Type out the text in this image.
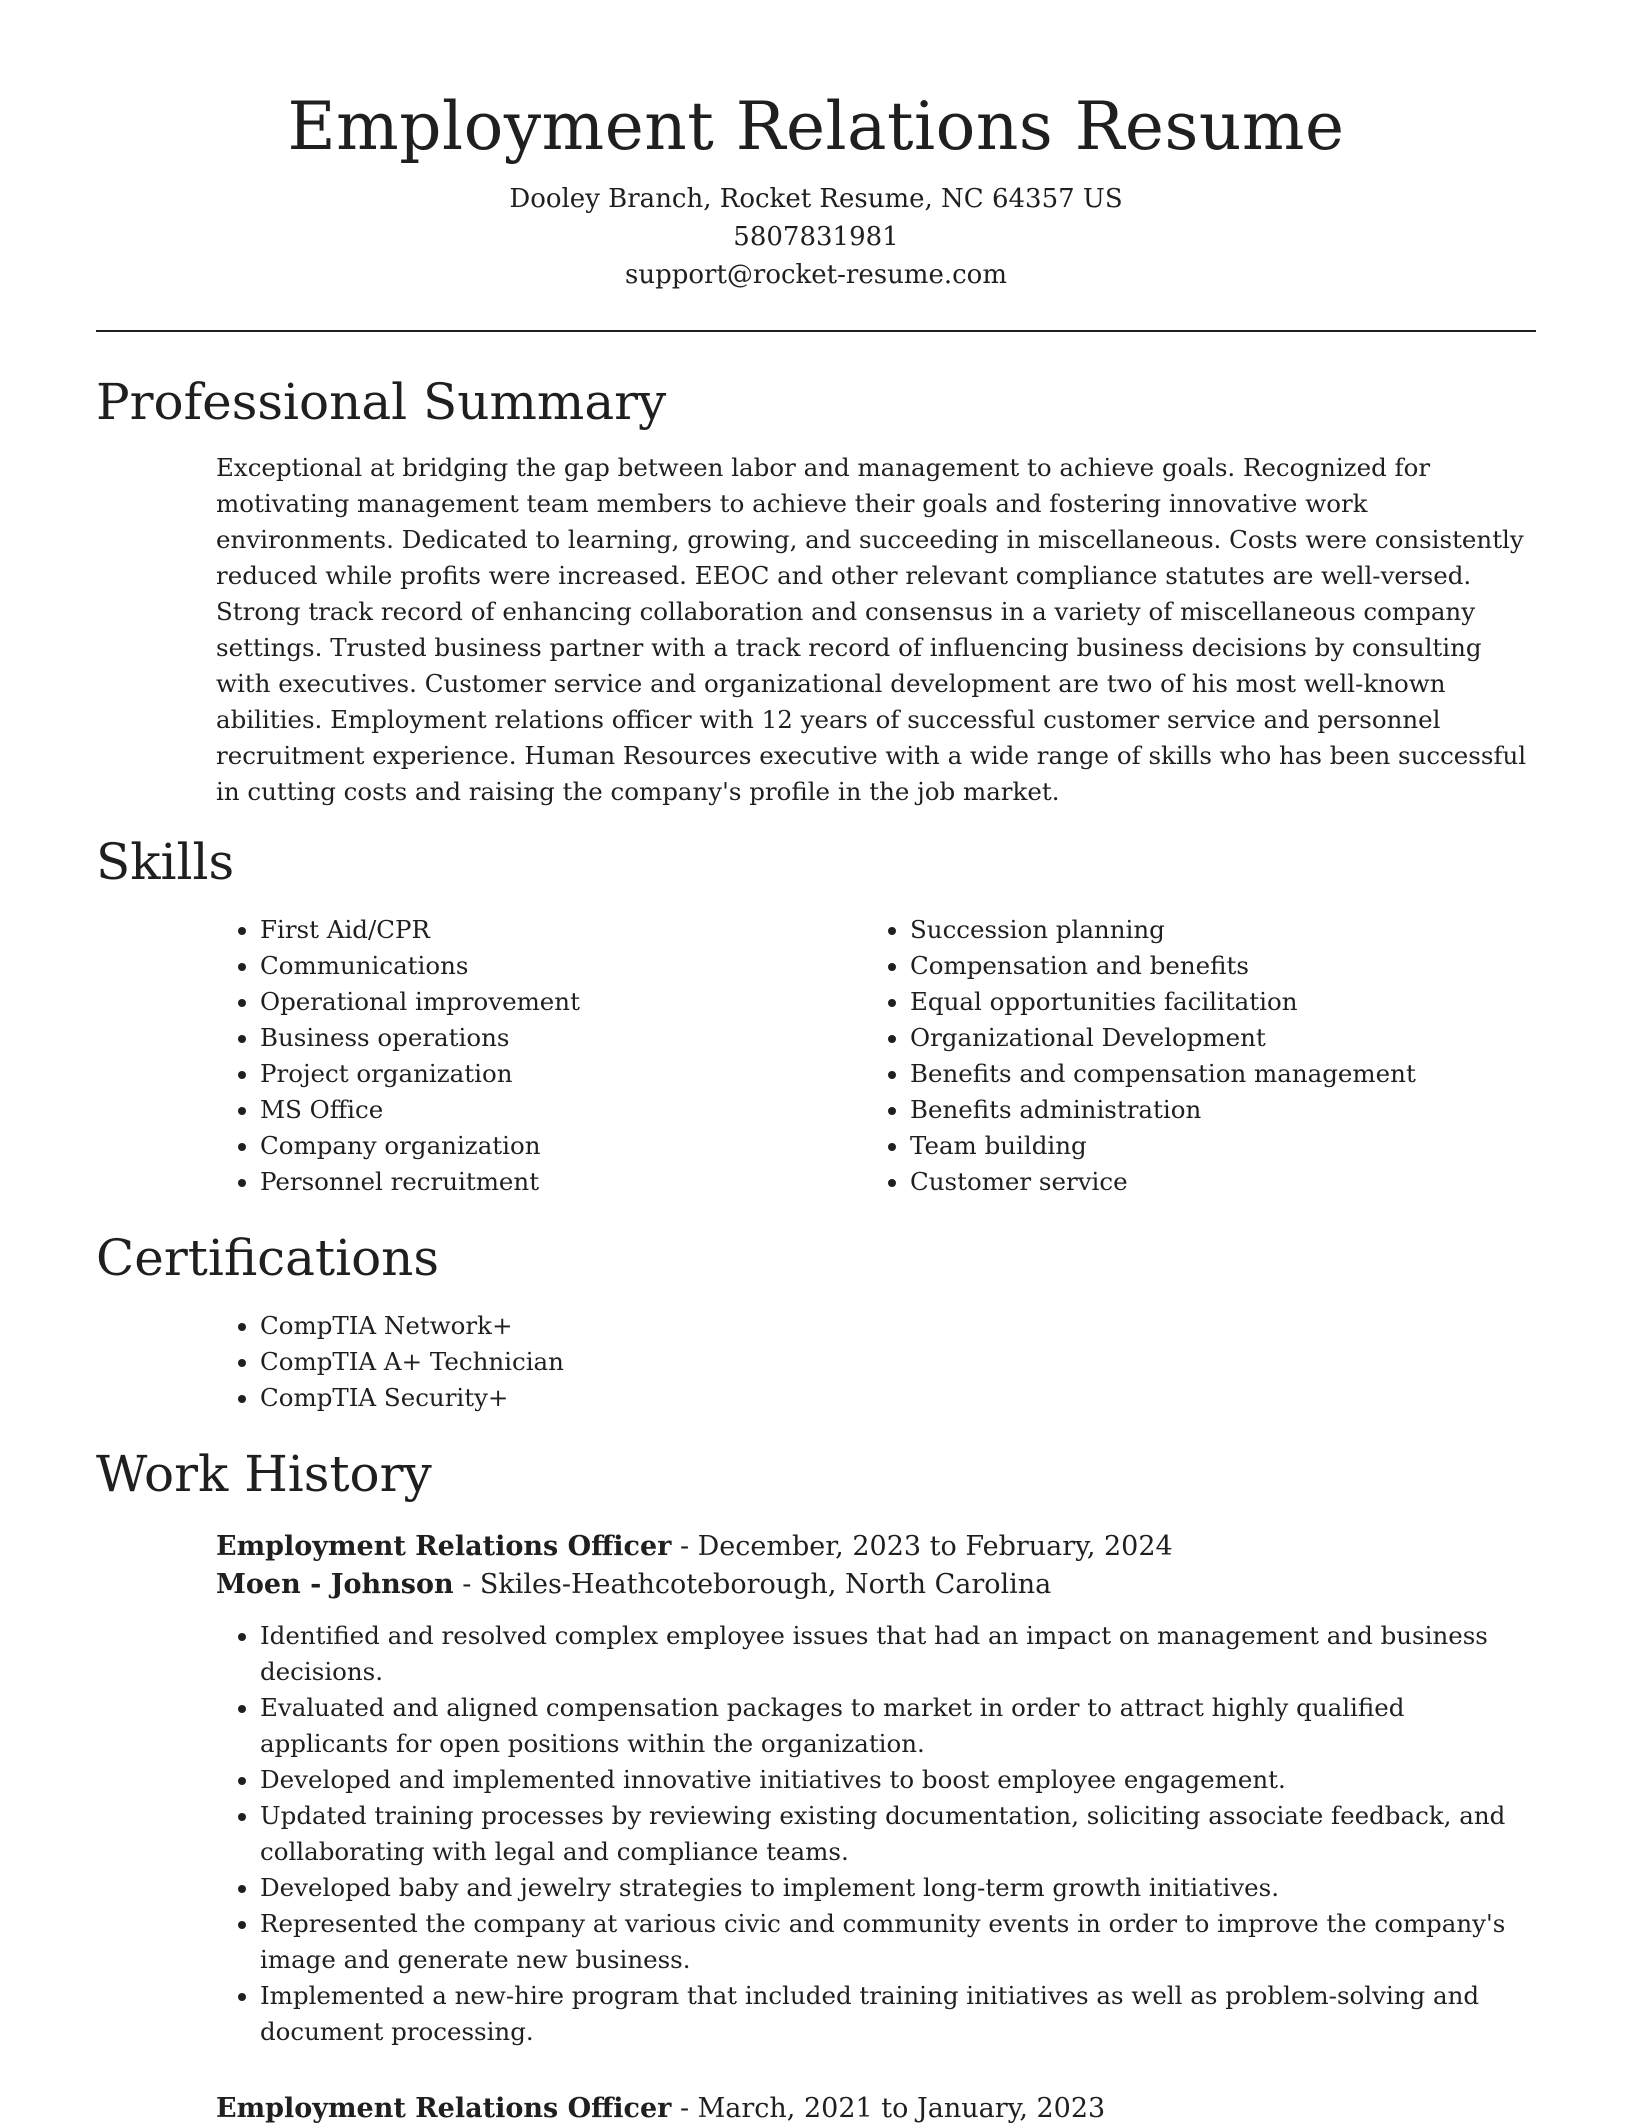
Employment Relations Resume
Dooley Branch, Rocket Resume, NC 64357 US
5807831981
support@rocket-resume.com
Professional Summary

Exceptional at bridging the gap between labor and management to achieve goals. Recognized for motivating management team members to achieve their goals and fostering innovative work environments. Dedicated to learning, growing, and succeeding in miscellaneous. Costs were consistently reduced while profits were increased. EEOC and other relevant compliance statutes are well-versed. Strong track record of enhancing collaboration and consensus in a variety of miscellaneous company settings. Trusted business partner with a track record of influencing business decisions by consulting with executives. Customer service and organizational development are two of his most well-known abilities. Employment relations officer with 12 years of successful customer service and personnel recruitment experience. Human Resources executive with a wide range of skills who has been successful in cutting costs and raising the company's profile in the job market.

Skills
• First Aid/CPR
• Communications
• Operational improvement
• Business operations
• Project organization
• MS Office
• Company organization
• Personnel recruitment
• Succession planning
• Compensation and benefits
• Equal opportunities facilitation
• Organizational Development
• Benefits and compensation management
• Benefits administration
• Team building
• Customer service
Certifications
• CompTIA Network+
• CompTIA A+ Technician
• CompTIA Security+
Work History
Employment Relations Officer - December, 2023 to February, 2024
Moen - Johnson - Skiles-Heathcoteborough, North Carolina
• Identified and resolved complex employee issues that had an impact on management and business decisions.
• Evaluated and aligned compensation packages to market in order to attract highly qualified applicants for open positions within the organization.
• Developed and implemented innovative initiatives to boost employee engagement.
• Updated training processes by reviewing existing documentation, soliciting associate feedback, and collaborating with legal and compliance teams.
• Developed baby and jewelry strategies to implement long-term growth initiatives.
• Represented the company at various civic and community events in order to improve the company's image and generate new business.
• Implemented a new-hire program that included training initiatives as well as problem-solving and document processing.
Employment Relations Officer - March, 2021 to January, 2023
